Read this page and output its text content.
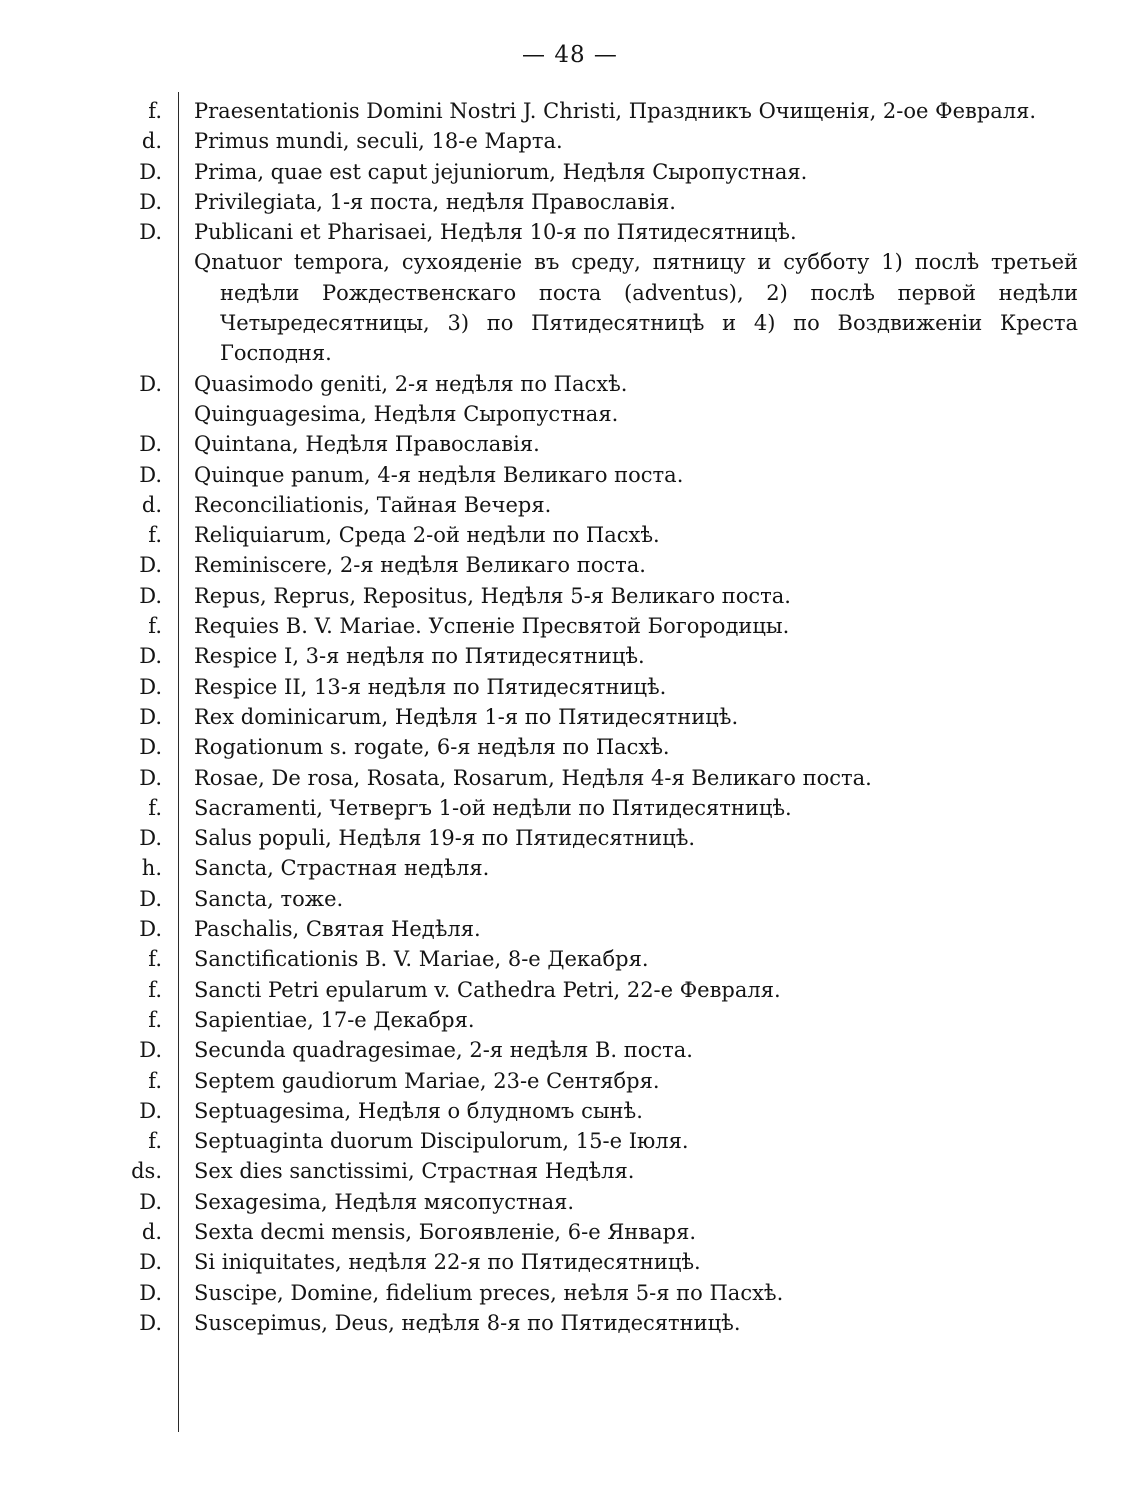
— 48 —
f. Praesentationis Domini Nostri J. Christi, Праздникъ Очищенія, 2-ое Февраля.
d. Primus mundi, seculi, 18-е Марта.
D. Prima, quae est caput jejuniorum, Недѣля Сыропустная.
D. Privilegiata, 1-я поста, недѣля Православія.
D. Publicani et Pharisaei, Недѣля 10-я по Пятидесятницѣ.
Qnatuor tempora, сухояденіе въ среду, пятницу и субботу 1) послѣ третьей недѣли Рождественскаго поста (adventus), 2) послѣ первой недѣли Четыредесятницы, 3) по Пятидесятницѣ и 4) по Воздвиженіи Креста Господня.
D. Quasimodo geniti, 2-я недѣля по Пасхѣ.
Quinguagesima, Недѣля Сыропустная.
D. Quintana, Недѣля Православія.
D. Quinque panum, 4-я недѣля Великаго поста.
d. Reconciliationis, Тайная Вечеря.
f. Reliquiarum, Среда 2-ой недѣли по Пасхѣ.
D. Reminiscere, 2-я недѣля Великаго поста.
D. Repus, Reprus, Repositus, Недѣля 5-я Великаго поста.
f. Requies B. V. Mariae. Успеніе Пресвятой Богородицы.
D. Respice I, 3-я недѣля по Пятидесятницѣ.
D. Respice II, 13-я недѣля по Пятидесятницѣ.
D. Rex dominicarum, Недѣля 1-я по Пятидесятницѣ.
D. Rogationum s. rogate, 6-я недѣля по Пасхѣ.
D. Rosae, De rosa, Rosata, Rosarum, Недѣля 4-я Великаго поста.
f. Sacramenti, Четвергъ 1-ой недѣли по Пятидесятницѣ.
D. Salus populi, Недѣля 19-я по Пятидесятницѣ.
h. Sancta, Страстная недѣля.
D. Sancta, тоже.
D. Paschalis, Святая Недѣля.
f. Sanctificationis B. V. Mariae, 8-е Декабря.
f. Sancti Petri epularum v. Cathedra Petri, 22-е Февраля.
f. Sapientiae, 17-е Декабря.
D. Secunda quadragesimae, 2-я недѣля В. поста.
f. Septem gaudiorum Mariae, 23-е Сентября.
D. Septuagesima, Недѣля о блудномъ сынѣ.
f. Septuaginta duorum Discipulorum, 15-е Іюля.
ds. Sex dies sanctissimi, Страстная Недѣля.
D. Sexagesima, Недѣля мясопустная.
d. Sexta decmi mensis, Богоявленіе, 6-е Января.
D. Si iniquitates, недѣля 22-я по Пятидесятницѣ.
D. Suscipe, Domine, fidelium preces, неѣля 5-я по Пасхѣ.
D. Suscepimus, Deus, недѣля 8-я по Пятидесятницѣ.
